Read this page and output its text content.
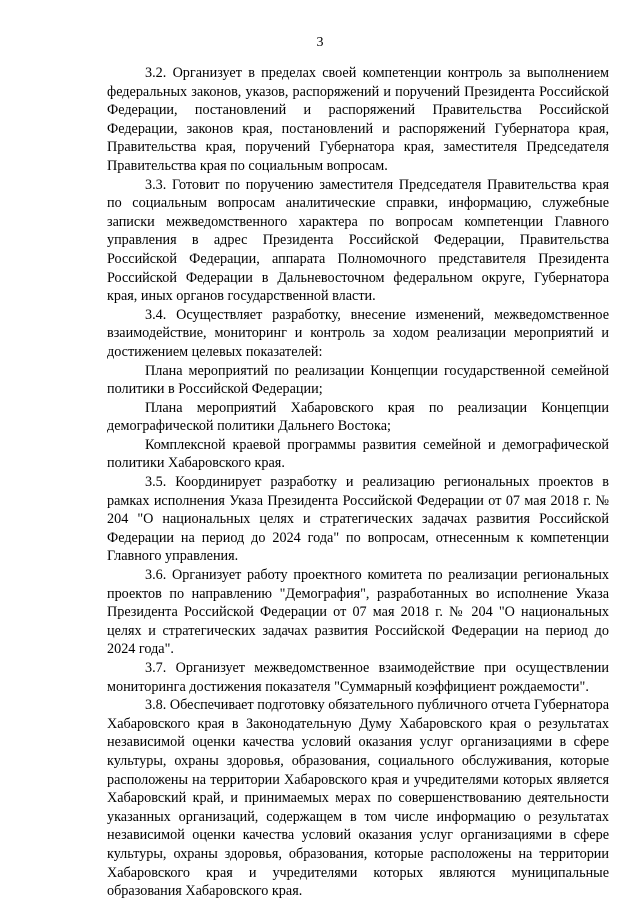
3

3.2. Организует в пределах своей компетенции контроль за выполнением федеральных законов, указов, распоряжений и поручений Президента Российской Федерации, постановлений и распоряжений Правительства Российской Федерации, законов края, постановлений и распоряжений Губернатора края, Правительства края, поручений Губернатора края, заместителя Председателя Правительства края по социальным вопросам.

3.3. Готовит по поручению заместителя Председателя Правительства края по социальным вопросам аналитические справки, информацию, служебные записки межведомственного характера по вопросам компетенции Главного управления в адрес Президента Российской Федерации, Правительства Российской Федерации, аппарата Полномочного представителя Президента Российской Федерации в Дальневосточном федеральном округе, Губернатора края, иных органов государственной власти.

3.4. Осуществляет разработку, внесение изменений, межведомственное взаимодействие, мониторинг и контроль за ходом реализации мероприятий и достижением целевых показателей:

Плана мероприятий по реализации Концепции государственной семейной политики в Российской Федерации;

Плана мероприятий Хабаровского края по реализации Концепции демографической политики Дальнего Востока;

Комплексной краевой программы развития семейной и демографической политики Хабаровского края.

3.5. Координирует разработку и реализацию региональных проектов в рамках исполнения Указа Президента Российской Федерации от 07 мая 2018 г. № 204 "О национальных целях и стратегических задачах развития Российской Федерации на период до 2024 года" по вопросам, отнесенным к компетенции Главного управления.

3.6. Организует работу проектного комитета по реализации региональных проектов по направлению "Демография", разработанных во исполнение Указа Президента Российской Федерации от 07 мая 2018 г. № 204 "О национальных целях и стратегических задачах развития Российской Федерации на период до 2024 года".

3.7. Организует межведомственное взаимодействие при осуществлении мониторинга достижения показателя "Суммарный коэффициент рождаемости".

3.8. Обеспечивает подготовку обязательного публичного отчета Губернатора Хабаровского края в Законодательную Думу Хабаровского края о результатах независимой оценки качества условий оказания услуг организациями в сфере культуры, охраны здоровья, образования, социального обслуживания, которые расположены на территории Хабаровского края и учредителями которых является Хабаровский край, и принимаемых мерах по совершенствованию деятельности указанных организаций, содержащем в том числе информацию о результатах независимой оценки качества условий оказания услуг организациями в сфере культуры, охраны здоровья, образования, которые расположены на территории Хабаровского края и учредителями которых являются муниципальные образования Хабаровского края.
